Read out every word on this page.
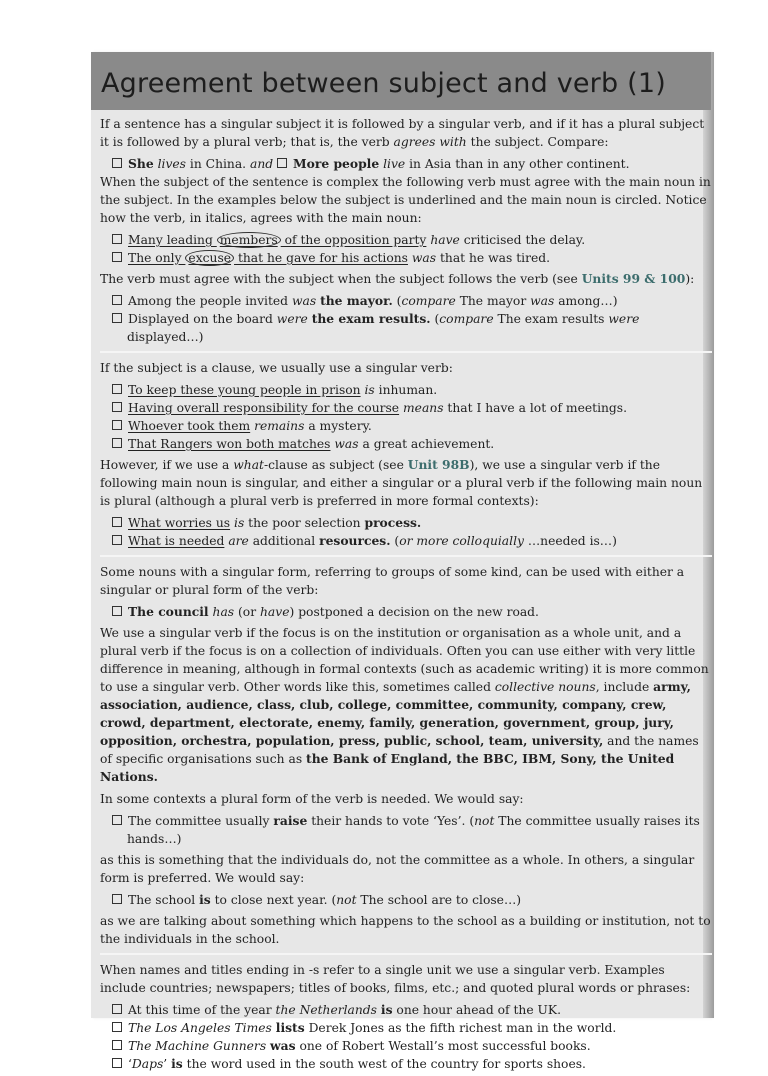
Agreement between subject and verb (1)

If a sentence has a singular subject it is followed by a singular verb, and if it has a plural subject it is followed by a plural verb; that is, the verb agrees with the subject. Compare:

She lives in China. and More people live in Asia than in any other continent.

When the subject of the sentence is complex the following verb must agree with the main noun in the subject. In the examples below the subject is underlined and the main noun is circled. Notice how the verb, in italics, agrees with the main noun:

Many leading members of the opposition party have criticised the delay.
The only excuse that he gave for his actions was that he was tired.

The verb must agree with the subject when the subject follows the verb (see Units 99 & 100):

Among the people invited was the mayor. (compare The mayor was among…)
Displayed on the board were the exam results. (compare The exam results were displayed…)

If the subject is a clause, we usually use a singular verb:

To keep these young people in prison is inhuman.
Having overall responsibility for the course means that I have a lot of meetings.
Whoever took them remains a mystery.
That Rangers won both matches was a great achievement.

However, if we use a what-clause as subject (see Unit 98B), we use a singular verb if the following main noun is singular, and either a singular or a plural verb if the following main noun is plural (although a plural verb is preferred in more formal contexts):

What worries us is the poor selection process.
What is needed are additional resources. (or more colloquially …needed is…)

Some nouns with a singular form, referring to groups of some kind, can be used with either a singular or plural form of the verb:

The council has (or have) postponed a decision on the new road.

We use a singular verb if the focus is on the institution or organisation as a whole unit, and a plural verb if the focus is on a collection of individuals. Often you can use either with very little difference in meaning, although in formal contexts (such as academic writing) it is more common to use a singular verb. Other words like this, sometimes called collective nouns, include army, association, audience, class, club, college, committee, community, company, crew, crowd, department, electorate, enemy, family, generation, government, group, jury, opposition, orchestra, population, press, public, school, team, university, and the names of specific organisations such as the Bank of England, the BBC, IBM, Sony, the United Nations.

In some contexts a plural form of the verb is needed. We would say:

The committee usually raise their hands to vote ‘Yes’. (not The committee usually raises its hands…)

as this is something that the individuals do, not the committee as a whole. In others, a singular form is preferred. We would say:

The school is to close next year. (not The school are to close…)

as we are talking about something which happens to the school as a building or institution, not to the individuals in the school.

When names and titles ending in -s refer to a single unit we use a singular verb. Examples include countries; newspapers; titles of books, films, etc.; and quoted plural words or phrases:

At this time of the year the Netherlands is one hour ahead of the UK.
The Los Angeles Times lists Derek Jones as the fifth richest man in the world.
The Machine Gunners was one of Robert Westall’s most successful books.
‘Daps’ is the word used in the south west of the country for sports shoes.
